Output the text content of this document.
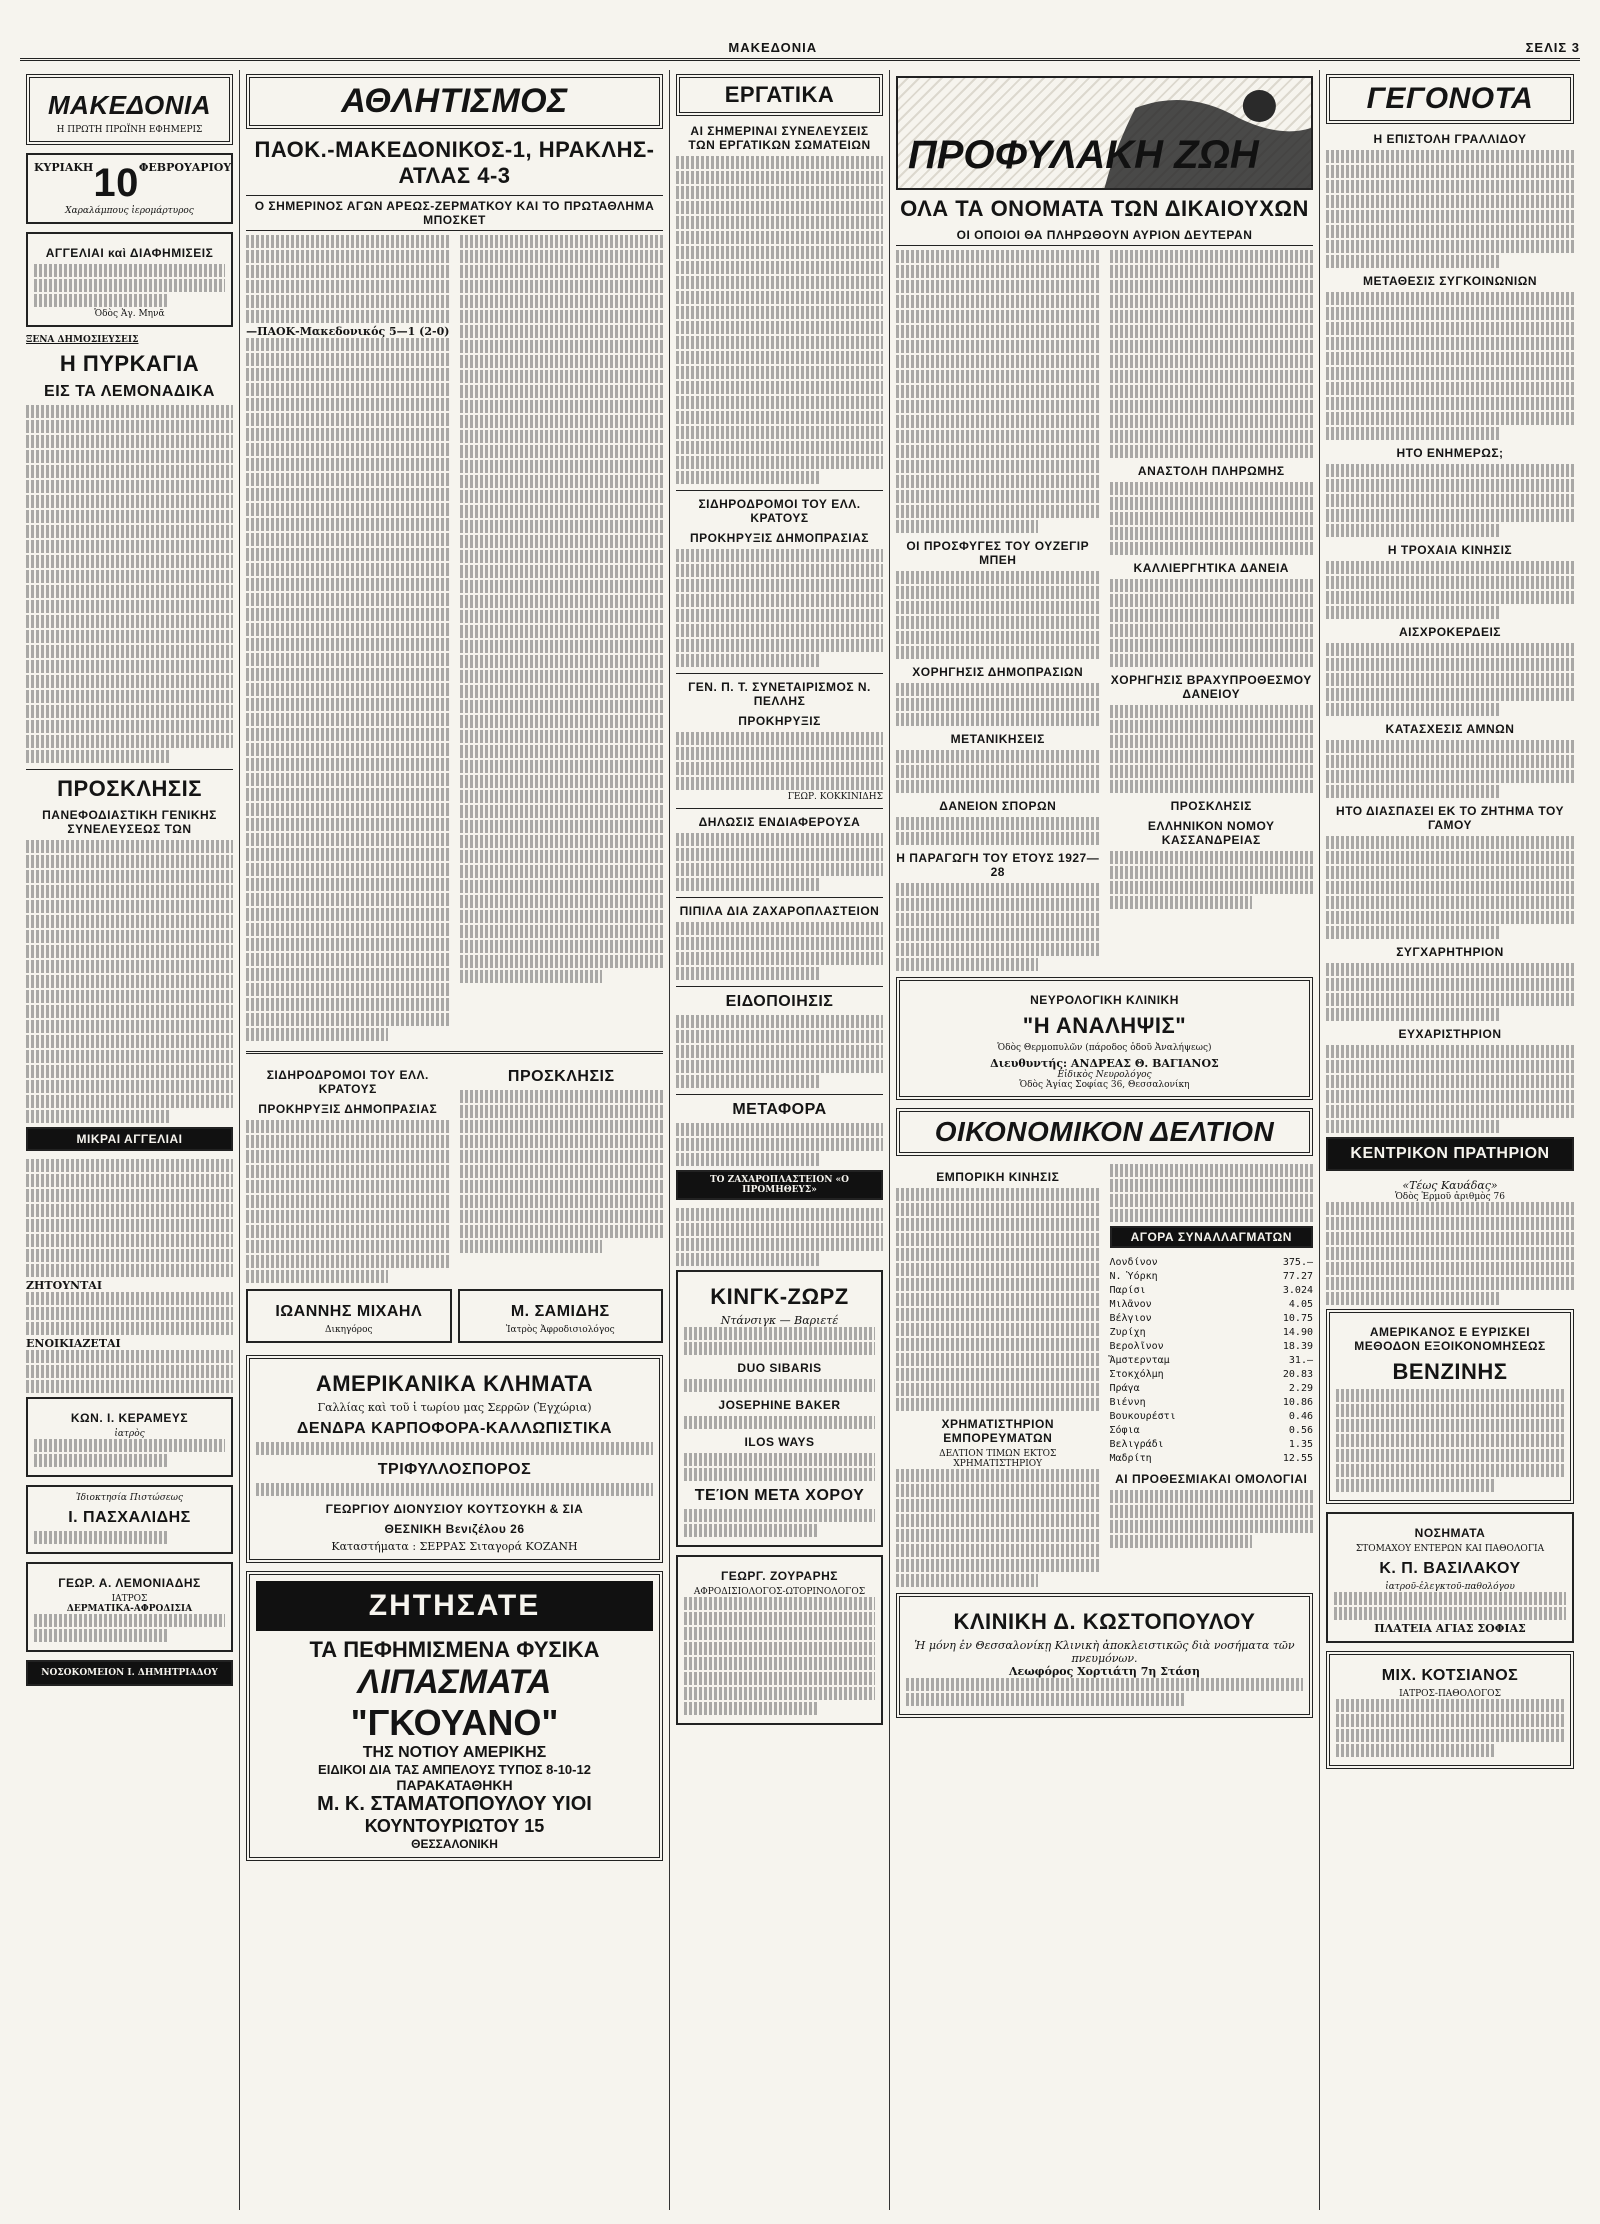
ΜΑΚΕΔΟΝΙΑ	ΣΕΛΙΣ 3
ΜΑΚΕΔΟΝΙΑ
Η ΠΡΩΤΗ ΠΡΩΪΝΗ ΕΦΗΜΕΡΙΣ
ΚΥΡΙΑΚΗ 10 ΦΕΒΡΟΥΑΡΙΟΥ
Χαραλάμπους ἱερομάρτυρος
ΑΓΓΕΛΙΑΙ καὶ ΔΙΑΦΗΜΙΣΕΙΣ
Ὁδὸς Ἁγ. Μηνᾶ
ΞΕΝΑ ΔΗΜΟΣΙΕΥΣΕΙΣ
Η ΠΥΡΚΑΓΙΑ
ΕΙΣ ΤΑ ΛΕΜΟΝΑΔΙΚΑ
ΠΡΟΣΚΛΗΣΙΣ
ΠΑΝΕΦΟΔΙΑΣΤΙΚΗ ΓΕΝΙΚΗΣ ΣΥΝΕΛΕΥΣΕΩΣ ΤΩΝ
ΜΙΚΡΑΙ ΑΓΓΕΛΙΑΙ
ΖΗΤΟΥΝΤΑΙ
ΕΝΟΙΚΙΑΖΕΤΑΙ
ΚΩΝ. Ι. ΚΕΡΑΜΕΥΣ
ἰατρὸς
Ἰδιοκτησία Πιστώσεως
Ι. ΠΑΣΧΑΛΙΔΗΣ
ΓΕΩΡ. Α. ΛΕΜΟΝΙΑΔΗΣ
ΙΑΤΡΟΣ
ΔΕΡΜΑΤΙΚΑ-ΑΦΡΟΔΙΣΙΑ
ΝΟΣΟΚΟΜΕΙΟΝ Ι. ΔΗΜΗΤΡΙΑΔΟΥ
ΑΘΛΗΤΙΣΜΟΣ
ΠΑΟΚ.-ΜΑΚΕΔΟΝΙΚΟΣ-1, ΗΡΑΚΛΗΣ-ΑΤΛΑΣ 4-3
Ο ΣΗΜΕΡΙΝΟΣ ΑΓΩΝ ΑΡΕΩΣ-ΖΕΡΜΑΤΚΟΥ ΚΑΙ ΤΟ ΠΡΩΤΑΘΛΗΜΑ ΜΠΟΣΚΕΤ
—ΠΑΟΚ-Μακεδονικός 5—1 (2-0)
ΣΙΔΗΡΟΔΡΟΜΟΙ ΤΟΥ ΕΛΛ. ΚΡΑΤΟΥΣ
ΠΡΟΚΗΡΥΞΙΣ ΔΗΜΟΠΡΑΣΙΑΣ
ΠΡΟΣΚΛΗΣΙΣ
ΙΩΑΝΝΗΣ ΜΙΧΑΗΛ
Δικηγόρος
Μ. ΣΑΜΙΔΗΣ
Ἰατρὸς Ἀφροδισιολόγος
ΑΜΕΡΙΚΑΝΙΚΑ ΚΛΗΜΑΤΑ
Γαλλίας καὶ τοῦ ἰ τωρίου μας Σερρῶν (Ἐγχώρια)
ΔΕΝΔΡΑ ΚΑΡΠΟΦΟΡΑ-ΚΑΛΛΩΠΙΣΤΙΚΑ
ΤΡΙΦΥΛΛΟΣΠΟΡΟΣ
ΓΕΩΡΓΙΟΥ ΔΙΟΝΥΣΙΟΥ ΚΟΥΤΣΟΥΚΗ & ΣΙΑ
ΘΕΣΝΙΚΗ Βενιζέλου 26
Καταστήματα : ΣΕΡΡΑΣ Σιταγορά ΚΟΖΑΝΗ
ΖΗΤΗΣΑΤΕ
ΤΑ ΠΕΦΗΜΙΣΜΕΝΑ ΦΥΣΙΚΑ
ΛΙΠΑΣΜΑΤΑ
"ΓΚΟΥΑΝΟ"
ΤΗΣ ΝΟΤΙΟΥ ΑΜΕΡΙΚΗΣ
ΕΙΔΙΚΟΙ ΔΙΑ ΤΑΣ ΑΜΠΕΛΟΥΣ ΤΥΠΟΣ 8-10-12
ΠΑΡΑΚΑΤΑΘΗΚΗ
Μ. Κ. ΣΤΑΜΑΤΟΠΟΥΛΟΥ ΥΙΟΙ
ΚΟΥΝΤΟΥΡΙΩΤΟΥ 15
ΘΕΣΣΑΛΟΝΙΚΗ
ΕΡΓΑΤΙΚΑ
ΑΙ ΣΗΜΕΡΙΝΑΙ ΣΥΝΕΛΕΥΣΕΙΣ ΤΩΝ ΕΡΓΑΤΙΚΩΝ ΣΩΜΑΤΕΙΩΝ
ΣΙΔΗΡΟΔΡΟΜΟΙ ΤΟΥ ΕΛΛ. ΚΡΑΤΟΥΣ
ΠΡΟΚΗΡΥΞΙΣ ΔΗΜΟΠΡΑΣΙΑΣ
ΓΕΝ. Π. Τ. ΣΥΝΕΤΑΙΡΙΣΜΟΣ Ν. ΠΕΛΛΗΣ
ΠΡΟΚΗΡΥΞΙΣ
ΓΕΩΡ. ΚΟΚΚΙΝΙΔΗΣ
ΔΗΛΩΣΙΣ ΕΝΔΙΑΦΕΡΟΥΣΑ
ΠΙΠΙΛΑ ΔΙΑ ΖΑΧΑΡΟΠΛΑΣΤΕΙΟΝ
ΕΙΔΟΠΟΙΗΣΙΣ
ΜΕΤΑΦΟΡΑ
ΤΟ ΖΑΧΑΡΟΠΛΑΣΤΕΙΟΝ «Ο ΠΡΟΜΗΘΕΥΣ»
ΚΙΝΓΚ-ΖΩΡΖ
Ντάνσιγκ — Βαριετέ
DUO SIBARIS
JOSEPHINE BAKER
ILOS WAYS
ΤΕΊΟΝ ΜΕΤΑ ΧΟΡΟΥ
ΓΕΩΡΓ. ΖΟΥΡΑΡΗΣ
ΑΦΡΟΔΙΣΙΟΛΟΓΟΣ-ΩΤΟΡΙΝΟΛΟΓΟΣ
ΠΡΟΦΥΛΑΚΗ ΖΩΗ
ΟΛΑ ΤΑ ΟΝΟΜΑΤΑ ΤΩΝ ΔΙΚΑΙΟΥΧΩΝ
ΟΙ ΟΠΟΙΟΙ ΘΑ ΠΛΗΡΩΘΟΥΝ ΑΥΡΙΟΝ ΔΕΥΤΕΡΑΝ
ΟΙ ΠΡΟΣΦΥΓΕΣ ΤΟΥ ΟΥΖΕΓΙΡ ΜΠΕΗ
ΧΟΡΗΓΗΣΙΣ ΔΗΜΟΠΡΑΣΙΩΝ
ΜΕΤΑΝΙΚΗΣΕΙΣ
ΔΑΝΕΙΟΝ ΣΠΟΡΩΝ
Η ΠΑΡΑΓΩΓΗ ΤΟΥ ΕΤΟΥΣ 1927—28
ΑΝΑΣΤΟΛΗ ΠΛΗΡΩΜΗΣ
ΚΑΛΛΙΕΡΓΗΤΙΚΑ ΔΑΝΕΙΑ
ΧΟΡΗΓΗΣΙΣ ΒΡΑΧΥΠΡΟΘΕΣΜΟΥ ΔΑΝΕΙΟΥ
ΠΡΟΣΚΛΗΣΙΣ
ΕΛΛΗΝΙΚΟΝ ΝΟΜΟΥ ΚΑΣΣΑΝΔΡΕΙΑΣ
ΝΕΥΡΟΛΟΓΙΚΗ ΚΛΙΝΙΚΗ
"Η ΑΝΑΛΗΨΙΣ"
Ὁδὸς Θερμοπυλῶν (πάροδος ὁδοῦ Ἀναλήψεως)
Διευθυντής: ΑΝΔΡΕΑΣ Θ. ΒΑΓΙΑΝΟΣ
Εἰδικὸς Νευρολόγος
Ὁδὸς Ἁγίας Σοφίας 36, Θεσσαλονίκη
ΟΙΚΟΝΟΜΙΚΟΝ ΔΕΛΤΙΟΝ
ΕΜΠΟΡΙΚΗ ΚΙΝΗΣΙΣ
ΧΡΗΜΑΤΙΣΤΗΡΙΟΝ ΕΜΠΟΡΕΥΜΑΤΩΝ
ΔΕΛΤΙΟΝ ΤΙΜΩΝ ΕΚΤΟΣ ΧΡΗΜΑΤΙΣΤΗΡΙΟΥ
ΑΓΟΡΑ ΣΥΝΑΛΛΑΓΜΑΤΩΝ
Λονδίνον	375.—
Ν. Ὑόρκη	77.27
Παρίσι	3.024
Μιλᾶνον	4.05
Βέλγιον	10.75
Ζυρίχη	14.90
Βερολῖνον	18.39
Ἄμστερνταμ	31.—
Στοκχόλμη	20.83
Πράγα	2.29
Βιέννη	10.86
Βουκουρέστι	0.46
Σόφια	0.56
Βελιγράδι	1.35
Μαδρίτη	12.55
ΑΙ ΠΡΟΘΕΣΜΙΑΚΑΙ ΟΜΟΛΟΓΙΑΙ
ΚΛΙΝΙΚΗ Δ. ΚΩΣΤΟΠΟΥΛΟΥ
Ἡ μόνη ἐν Θεσσαλονίκῃ Κλινικὴ ἀποκλειστικῶς διὰ νοσήματα τῶν πνευμόνων.
Λεωφόρος Χορτιάτη 7η Στάση
ΓΕΓΟΝΟΤΑ
Η ΕΠΙΣΤΟΛΗ ΓΡΑΛΛΙΔΟΥ
ΜΕΤΑΘΕΣΙΣ ΣΥΓΚΟΙΝΩΝΙΩΝ
ΗΤΟ ΕΝΗΜΕΡΩΣ;
Η ΤΡΟΧΑΙΑ ΚΙΝΗΣΙΣ
ΑΙΣΧΡΟΚΕΡΔΕΙΣ
ΚΑΤΑΣΧΕΣΙΣ ΑΜΝΩΝ
ΗΤΟ ΔΙΑΣΠΑΣΕΙ ΕΚ ΤΟ ΖΗΤΗΜΑ ΤΟΥ ΓΑΜΟΥ
ΣΥΓΧΑΡΗΤΗΡΙΟΝ
ΕΥΧΑΡΙΣΤΗΡΙΟΝ
ΚΕΝΤΡΙΚΟΝ ΠΡΑΤΗΡΙΟΝ
«Τέως Καυάδας»
Ὁδὸς Ἑρμοῦ ἀριθμὸς 76
ΑΜΕΡΙΚΑΝΟΣ Ε ΕΥΡΙΣΚΕΙ ΜΕΘΟΔΟΝ ΕΞΟΙΚΟΝΟΜΗΣΕΩΣ
ΒΕΝΖΙΝΗΣ
ΝΟΣΗΜΑΤΑ
ΣΤΟΜΑΧΟΥ ΕΝΤΕΡΩΝ ΚΑΙ ΠΑΘΟΛΟΓΙΑ
Κ. Π. ΒΑΣΙΛΑΚΟΥ
ἰατροῦ-ἐλεγκτοῦ-παθολόγου
ΠΛΑΤΕΙΑ ΑΓΙΑΣ ΣΟΦΙΑΣ
ΜΙΧ. ΚΟΤΣΙΑΝΟΣ
ΙΑΤΡΟΣ-ΠΑΘΟΛΟΓΟΣ
